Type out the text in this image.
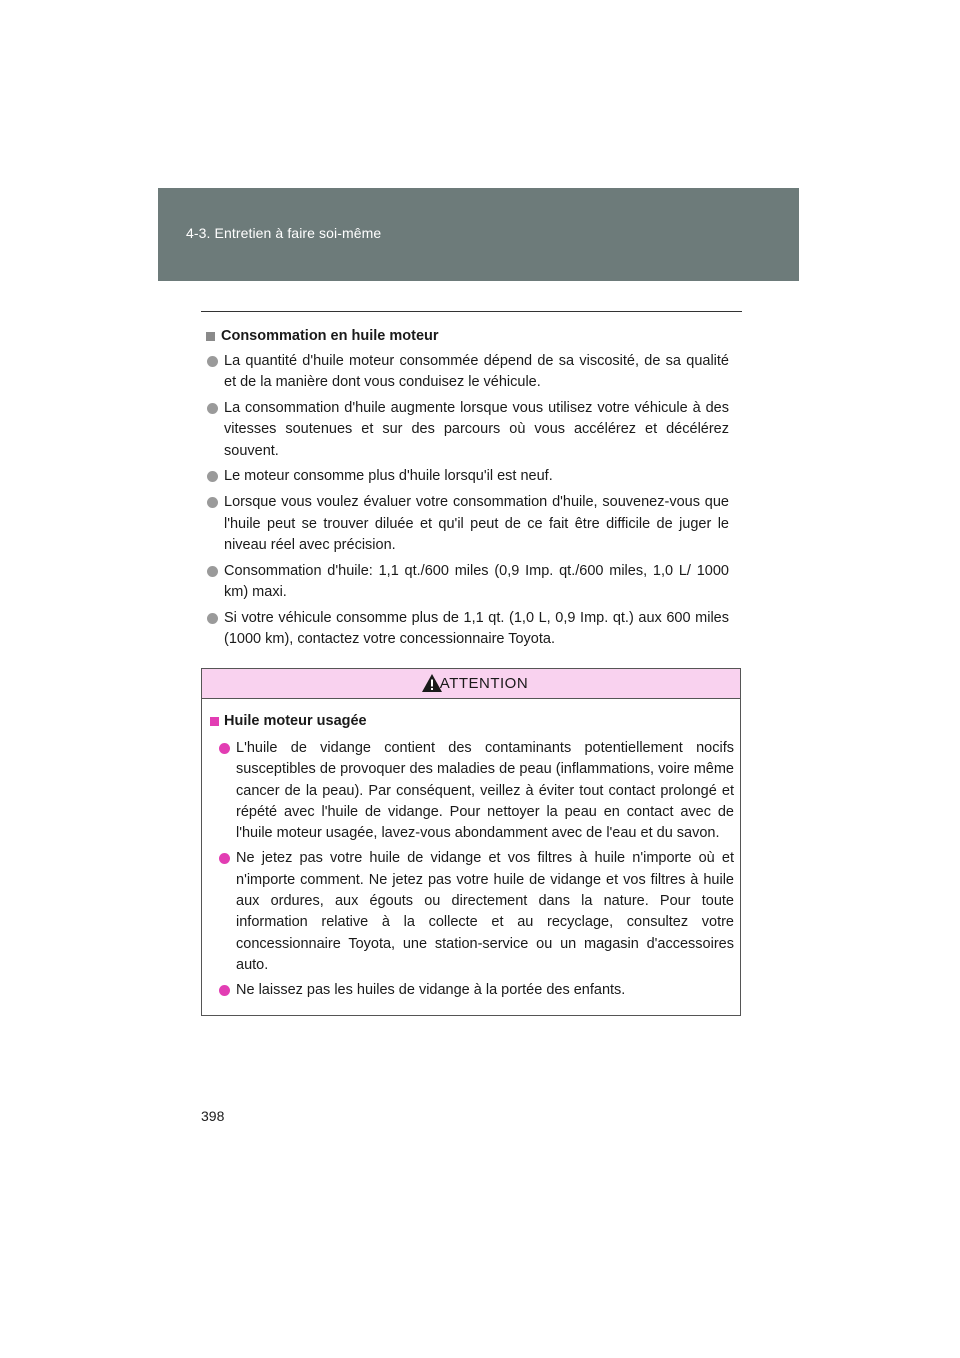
4-3. Entretien à faire soi-même
Consommation en huile moteur
La quantité d'huile moteur consommée dépend de sa viscosité, de sa qualité et de la manière dont vous conduisez le véhicule.
La consommation d'huile augmente lorsque vous utilisez votre véhicule à des vitesses soutenues et sur des parcours où vous accélérez et décélérez souvent.
Le moteur consomme plus d'huile lorsqu'il est neuf.
Lorsque vous voulez évaluer votre consommation d'huile, souvenez-vous que l'huile peut se trouver diluée et qu'il peut de ce fait être difficile de juger le niveau réel avec précision.
Consommation d'huile: 1,1 qt./600 miles (0,9 Imp. qt./600 miles, 1,0 L/ 1000 km) maxi.
Si votre véhicule consomme plus de 1,1 qt. (1,0 L, 0,9 Imp. qt.) aux 600 miles (1000 km), contactez votre concessionnaire Toyota.
ATTENTION
Huile moteur usagée
L'huile de vidange contient des contaminants potentiellement nocifs susceptibles de provoquer des maladies de peau (inflammations, voire même cancer de la peau). Par conséquent, veillez à éviter tout contact prolongé et répété avec l'huile de vidange. Pour nettoyer la peau en contact avec de l'huile moteur usagée, lavez-vous abondamment avec de l'eau et du savon.
Ne jetez pas votre huile de vidange et vos filtres à huile n'importe où et n'importe comment. Ne jetez pas votre huile de vidange et vos filtres à huile aux ordures, aux égouts ou directement dans la nature. Pour toute information relative à la collecte et au recyclage, consultez votre concessionnaire Toyota, une station-service ou un magasin d'accessoires auto.
Ne laissez pas les huiles de vidange à la portée des enfants.
398
